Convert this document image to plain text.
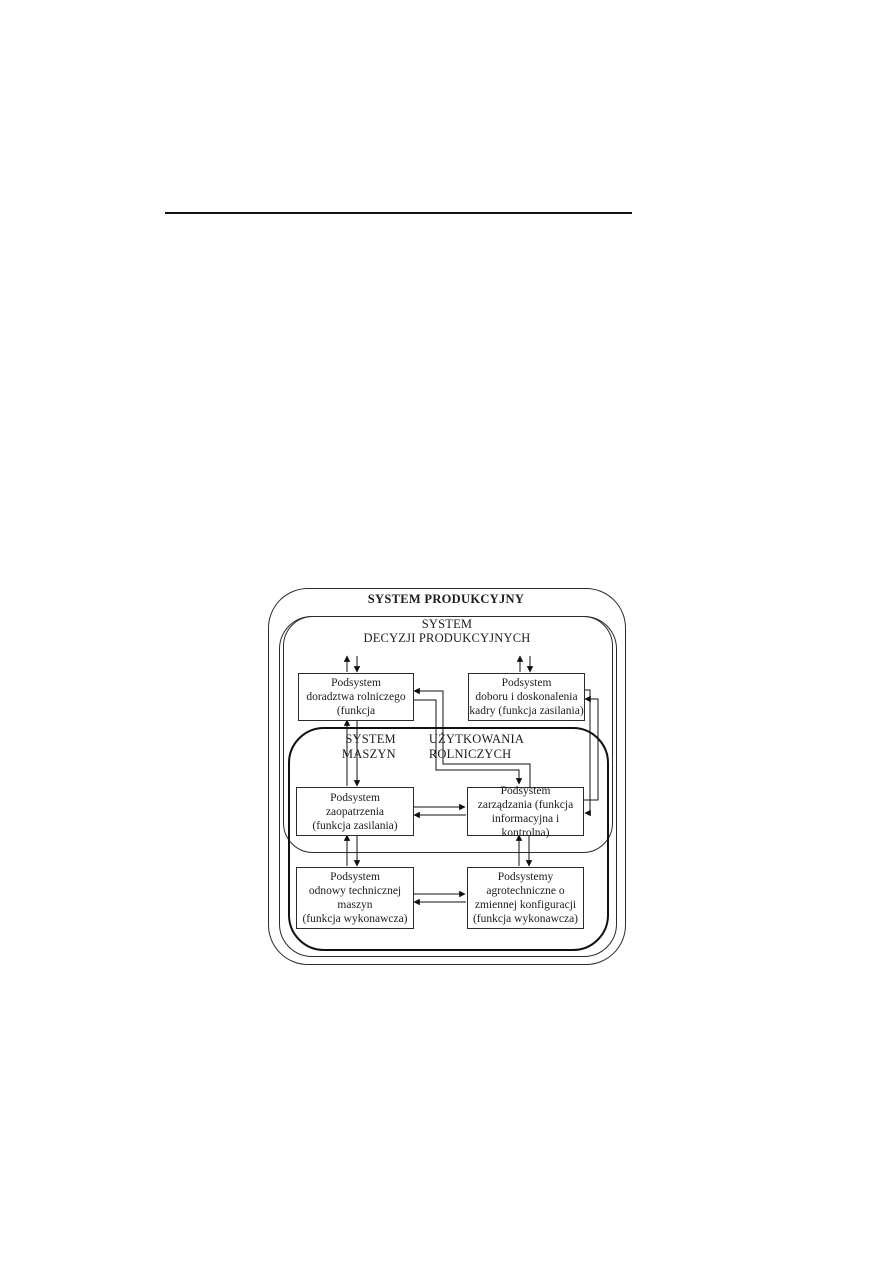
SYSTEM PRODUKCYJNY
SYSTEM
DECYZJI PRODUKCYJNYCH
SYSTEM
MASZYN
UŻYTKOWANIA
ROLNICZYCH
Podsystem
doradztwa rolniczego
(funkcja
Podsystem
doboru i doskonalenia
kadry (funkcja zasilania)
Podsystem
zaopatrzenia
(funkcja zasilania)
Podsystem
zarządzania (funkcja
informacyjna i kontrolna)
Podsystem
odnowy technicznej
maszyn
(funkcja wykonawcza)
Podsystemy
agrotechniczne o
zmiennej konfiguracji
(funkcja wykonawcza)
